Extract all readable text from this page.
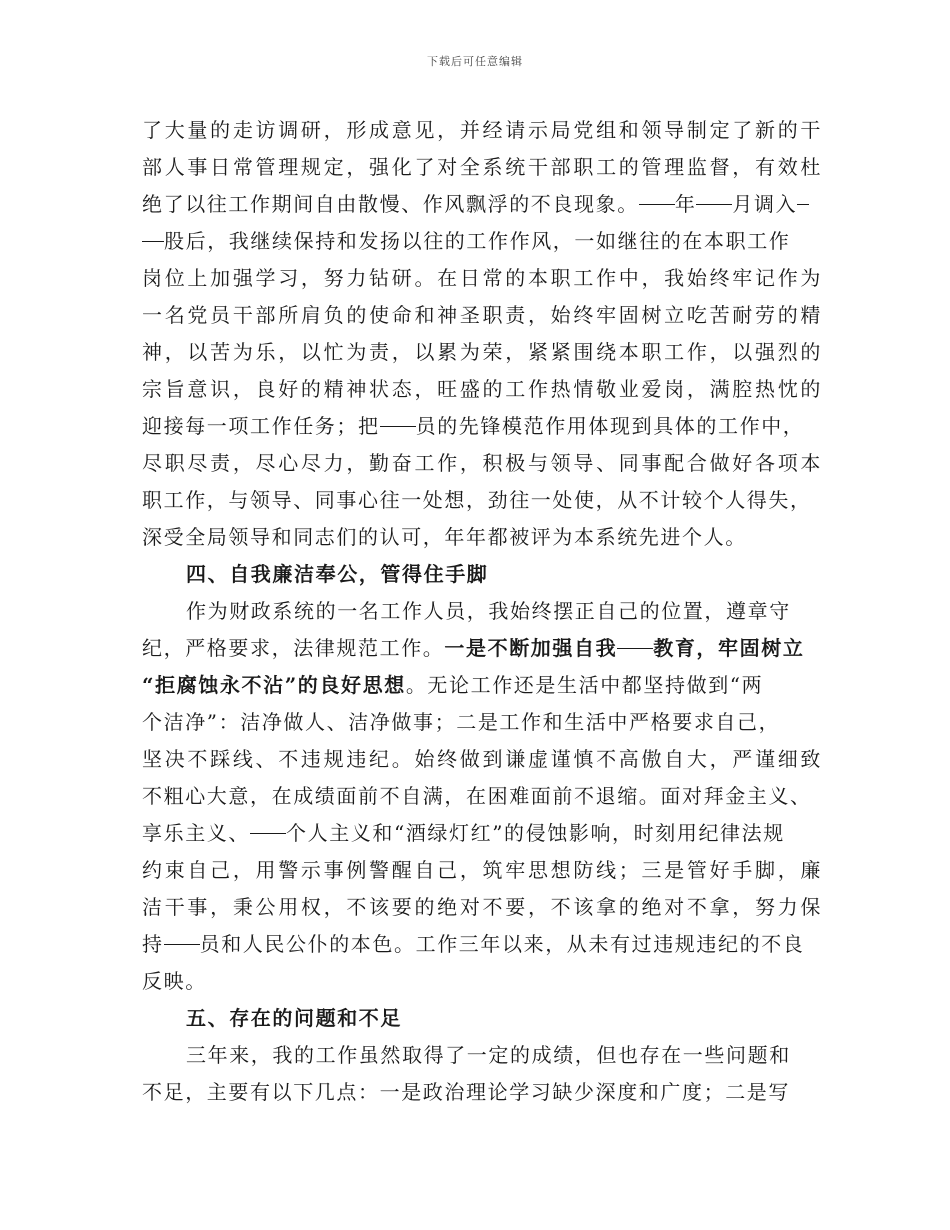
下载后可任意编辑
了大量的走访调研，形成意见，并经请示局党组和领导制定了新的干
部人事日常管理规定，强化了对全系统干部职工的管理监督，有效杜
绝了以往工作期间自由散慢、作风飘浮的不良现象。 年 月调入
股后，我继续保持和发扬以往的工作作风，一如继往的在本职工作
岗位上加强学习，努力钻研。在日常的本职工作中，我始终牢记作为
一名党员干部所肩负的使命和神圣职责，始终牢固树立吃苦耐劳的精
神，以苦为乐，以忙为责，以累为荣，紧紧围绕本职工作，以强烈的
宗旨意识，良好的精神状态，旺盛的工作热情敬业爱岗，满腔热忱的
迎接每一项工作任务；把 员的先锋模范作用体现到具体的工作中，
尽职尽责，尽心尽力，勤奋工作，积极与领导、同事配合做好各项本
职工作，与领导、同事心往一处想，劲往一处使，从不计较个人得失，
深受全局领导和同志们的认可，年年都被评为本系统先进个人。
四、自我廉洁奉公，管得住手脚
作为财政系统的一名工作人员，我始终摆正自己的位置，遵章守
纪，严格要求，法律规范工作。一是不断加强自我 教育，牢固树立
“拒腐蚀永不沾”的良好思想。无论工作还是生活中都坚持做到“两
个洁净”：洁净做人、洁净做事；二是工作和生活中严格要求自己，
坚决不踩线、不违规违纪。始终做到谦虚谨慎不高傲自大，严谨细致
不粗心大意，在成绩面前不自满，在困难面前不退缩。面对拜金主义、
享乐主义、 个人主义和“酒绿灯红”的侵蚀影响，时刻用纪律法规
约束自己，用警示事例警醒自己，筑牢思想防线；三是管好手脚，廉
洁干事，秉公用权，不该要的绝对不要，不该拿的绝对不拿，努力保
持 员和人民公仆的本色。工作三年以来，从未有过违规违纪的不良
反映。
五、存在的问题和不足
三年来，我的工作虽然取得了一定的成绩，但也存在一些问题和
不足，主要有以下几点：一是政治理论学习缺少深度和广度；二是写
